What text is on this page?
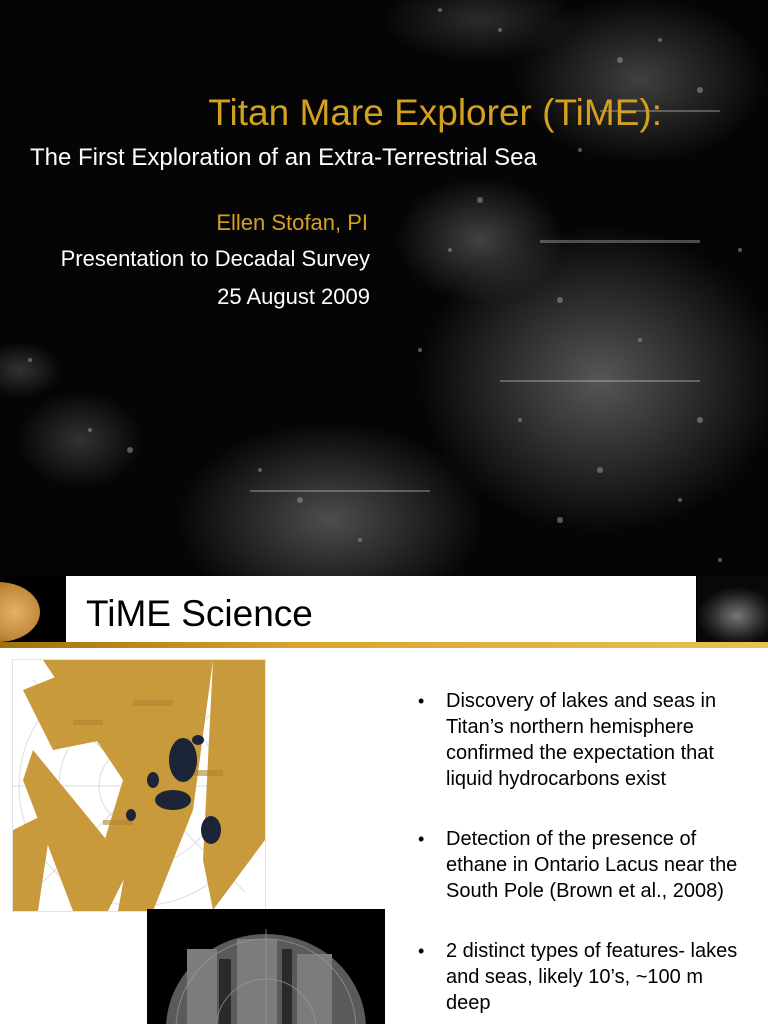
Titan Mare Explorer (TiME):
The First Exploration of an Extra-Terrestrial Sea
Ellen Stofan, PI
Presentation to Decadal Survey
25 August 2009
TiME Science
• Discovery of lakes and seas in Titan’s northern hemisphere confirmed the expectation that liquid hydrocarbons exist
• Detection of the presence of ethane in Ontario Lacus near the South Pole (Brown et al., 2008)
• 2 distinct types of features- lakes and seas, likely 10’s, ~100 m deep
